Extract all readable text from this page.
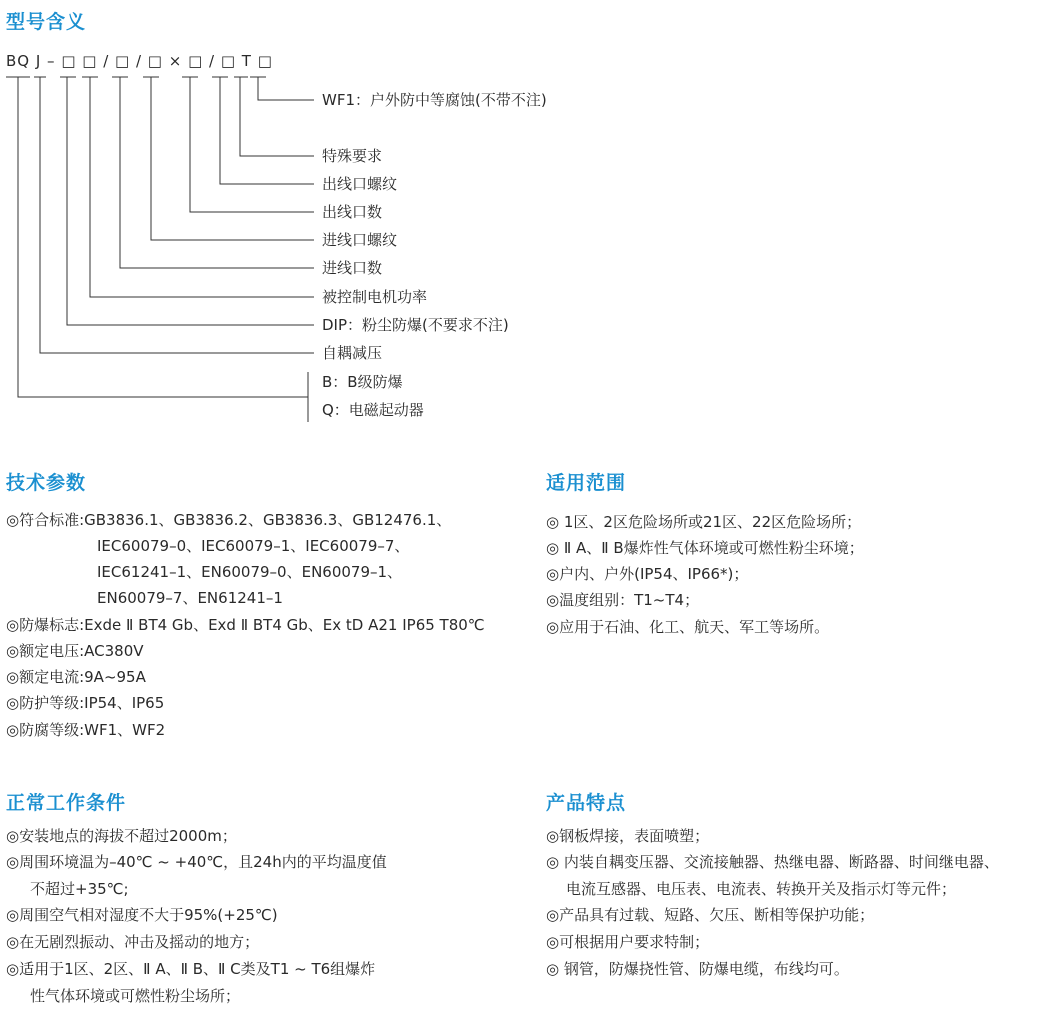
型号含义
BQ J – □ □ / □ / □ × □ / □ T □
WF1：户外防中等腐蚀(不带不注)
特殊要求
出线口螺纹
出线口数
进线口螺纹
进线口数
被控制电机功率
DIP：粉尘防爆(不要求不注)
自耦减压
B：B级防爆
Q：电磁起动器
技术参数
◎符合标准:GB3836.1、GB3836.2、GB3836.3、GB12476.1、
IEC60079–0、IEC60079–1、IEC60079–7、
IEC61241–1、EN60079–0、EN60079–1、
EN60079–7、EN61241–1
◎防爆标志:Exde Ⅱ BT4 Gb、Exd Ⅱ BT4 Gb、Ex tD A21 IP65 T80℃
◎额定电压:AC380V
◎额定电流:9A~95A
◎防护等级:IP54、IP65
◎防腐等级:WF1、WF2
适用范围
◎ 1区、2区危险场所或21区、22区危险场所；
◎ Ⅱ A、Ⅱ B爆炸性气体环境或可燃性粉尘环境；
◎户内、户外(IP54、IP66*)；
◎温度组别：T1~T4；
◎应用于石油、化工、航天、军工等场所。
正常工作条件
◎安装地点的海拔不超过2000m；
◎周围环境温为–40℃ ~ +40℃，且24h内的平均温度值
不超过+35℃;
◎周围空气相对湿度不大于95%(+25℃)
◎在无剧烈振动、冲击及摇动的地方；
◎适用于1区、2区、Ⅱ A、Ⅱ B、Ⅱ C类及T1 ~ T6组爆炸
性气体环境或可燃性粉尘场所；
产品特点
◎钢板焊接，表面喷塑；
◎ 内装自耦变压器、交流接触器、热继电器、断路器、时间继电器、
电流互感器、电压表、电流表、转换开关及指示灯等元件；
◎产品具有过载、短路、欠压、断相等保护功能；
◎可根据用户要求特制；
◎ 钢管，防爆挠性管、防爆电缆，布线均可。
